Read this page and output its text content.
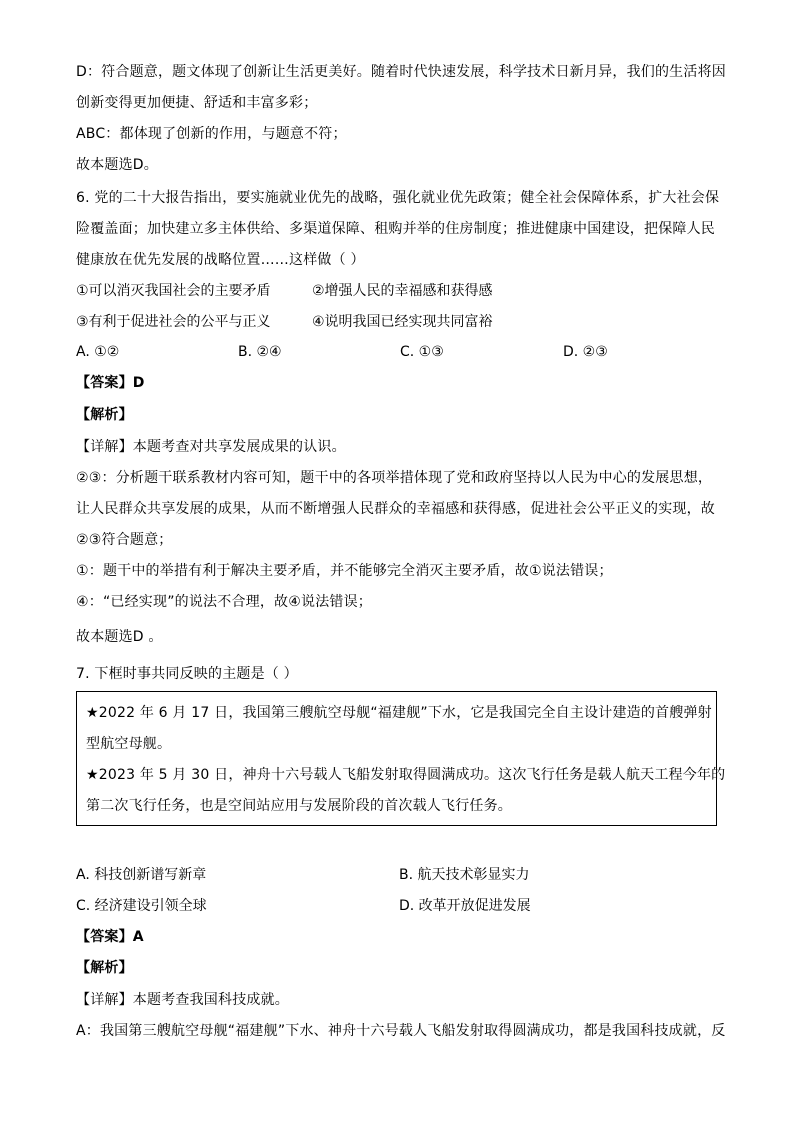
D：符合题意，题文体现了创新让生活更美好。随着时代快速发展，科学技术日新月异，我们的生活将因
创新变得更加便捷、舒适和丰富多彩；
ABC：都体现了创新的作用，与题意不符；
故本题选D。
6. 党的二十大报告指出，要实施就业优先的战略，强化就业优先政策；健全社会保障体系，扩大社会保
险覆盖面；加快建立多主体供给、多渠道保障、租购并举的住房制度；推进健康中国建设，把保障人民
健康放在优先发展的战略位置……这样做（ ）
①可以消灭我国社会的主要矛盾	②增强人民的幸福感和获得感
③有利于促进社会的公平与正义	④说明我国已经实现共同富裕
A. ①②	B. ②④	C. ①③	D. ②③
【答案】D
【解析】
【详解】本题考查对共享发展成果的认识。
②③：分析题干联系教材内容可知，题干中的各项举措体现了党和政府坚持以人民为中心的发展思想，
让人民群众共享发展的成果，从而不断增强人民群众的幸福感和获得感，促进社会公平正义的实现，故
②③符合题意；
①：题干中的举措有利于解决主要矛盾，并不能够完全消灭主要矛盾，故①说法错误；
④：“已经实现”的说法不合理，故④说法错误；
故本题选D 。
7. 下框时事共同反映的主题是（ ）
★2022 年 6 月 17 日，我国第三艘航空母舰“福建舰”下水，它是我国完全自主设计建造的首艘弹射
型航空母舰。
★2023 年 5 月 30 日，神舟十六号载人飞船发射取得圆满成功。这次飞行任务是载人航天工程今年的
第二次飞行任务，也是空间站应用与发展阶段的首次载人飞行任务。
A. 科技创新谱写新章	B. 航天技术彰显实力
C. 经济建设引领全球	D. 改革开放促进发展
【答案】A
【解析】
【详解】本题考查我国科技成就。
A：我国第三艘航空母舰“福建舰”下水、神舟十六号载人飞船发射取得圆满成功，都是我国科技成就，反
